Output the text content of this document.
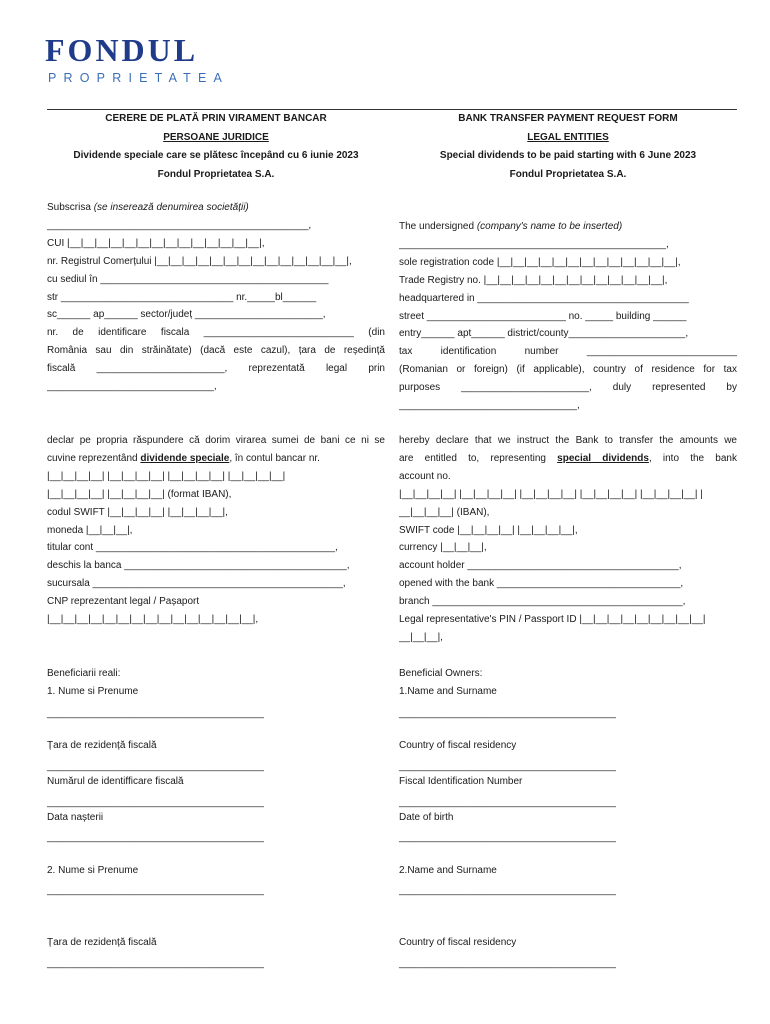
FONDUL
PROPRIETATEA
CERERE DE PLATĂ PRIN VIRAMENT BANCAR
PERSOANE JURIDICE
Dividende speciale care se plătesc începând cu 6 iunie 2023
Fondul Proprietatea S.A.
Subscrisa (se inserează denumirea societății)
_______________________________________________,
CUI |__|__|__|__|__|__|__|__|__|__|__|__|__|__|,
nr. Registrul Comerțului |__|__|__|__|__|__|__|__|__|__|__|__|__|__|,
cu sediul în _________________________________________
str _______________________________ nr._____bl______
sc______ ap______ sector/județ _______________________,
nr. de identificare fiscala ___________________________ (din
România sau din străinătate) (dacă este cazul), țara de reședință
fiscală _______________________, reprezentată legal prin
______________________________,
declar pe propria răspundere că dorim virarea sumei de bani ce ni se
cuvine reprezentând dividende speciale, în contul bancar nr.
|__|__|__|__| |__|__|__|__| |__|__|__|__| |__|__|__|__|
|__|__|__|__| |__|__|__|__| (format IBAN),
codul SWIFT |__|__|__|__| |__|__|__|__|,
moneda |__|__|__|,
titular cont ___________________________________________,
deschis la banca ________________________________________,
sucursala _____________________________________________,
CNP reprezentant legal / Pașaport
|__|__|__|__|__|__|__|__|__|__|__|__|__|__|__|,
Beneficiarii reali:
1. Nume si Prenume
_______________________________________
Țara de rezidență fiscală
_______________________________________
Numărul de identifficare fiscală
_______________________________________
Data nașterii
_______________________________________
2. Nume si Prenume
_______________________________________
Țara de rezidență fiscală
_______________________________________
BANK TRANSFER PAYMENT REQUEST FORM
LEGAL ENTITIES
Special dividends to be paid starting with 6 June 2023
Fondul Proprietatea S.A.
The undersigned (company's name to be inserted)
________________________________________________,
sole registration code |__|__|__|__|__|__|__|__|__|__|__|__|__|,
Trade Registry no. |__|__|__|__|__|__|__|__|__|__|__|__|__|,
headquartered in ______________________________________
street _________________________ no. _____ building ______
entry______ apt______ district/county_____________________,
tax identification number ___________________________
(Romanian or foreign) (if applicable), country of residence for tax
purposes _______________________, duly represented by
________________________________,
hereby declare that we instruct the Bank to transfer the amounts we
are entitled to, representing special dividends, into the bank
account no.
|__|__|__|__| |__|__|__|__| |__|__|__|__| |__|__|__|__| |__|__|__|__| |
__|__|__|__| (IBAN),
SWIFT code |__|__|__|__| |__|__|__|__|,
currency |__|__|__|,
account holder ______________________________________,
opened with the bank _________________________________,
branch _____________________________________________,
Legal representative's PIN / Passport ID |__|__|__|__|__|__|__|__|__|
__|__|__|,
Beneficial Owners:
1.Name and Surname
_______________________________________
Country of fiscal residency
_______________________________________
Fiscal Identification Number
_______________________________________
Date of birth
_______________________________________
2.Name and Surname
_______________________________________
Country of fiscal residency
_______________________________________
